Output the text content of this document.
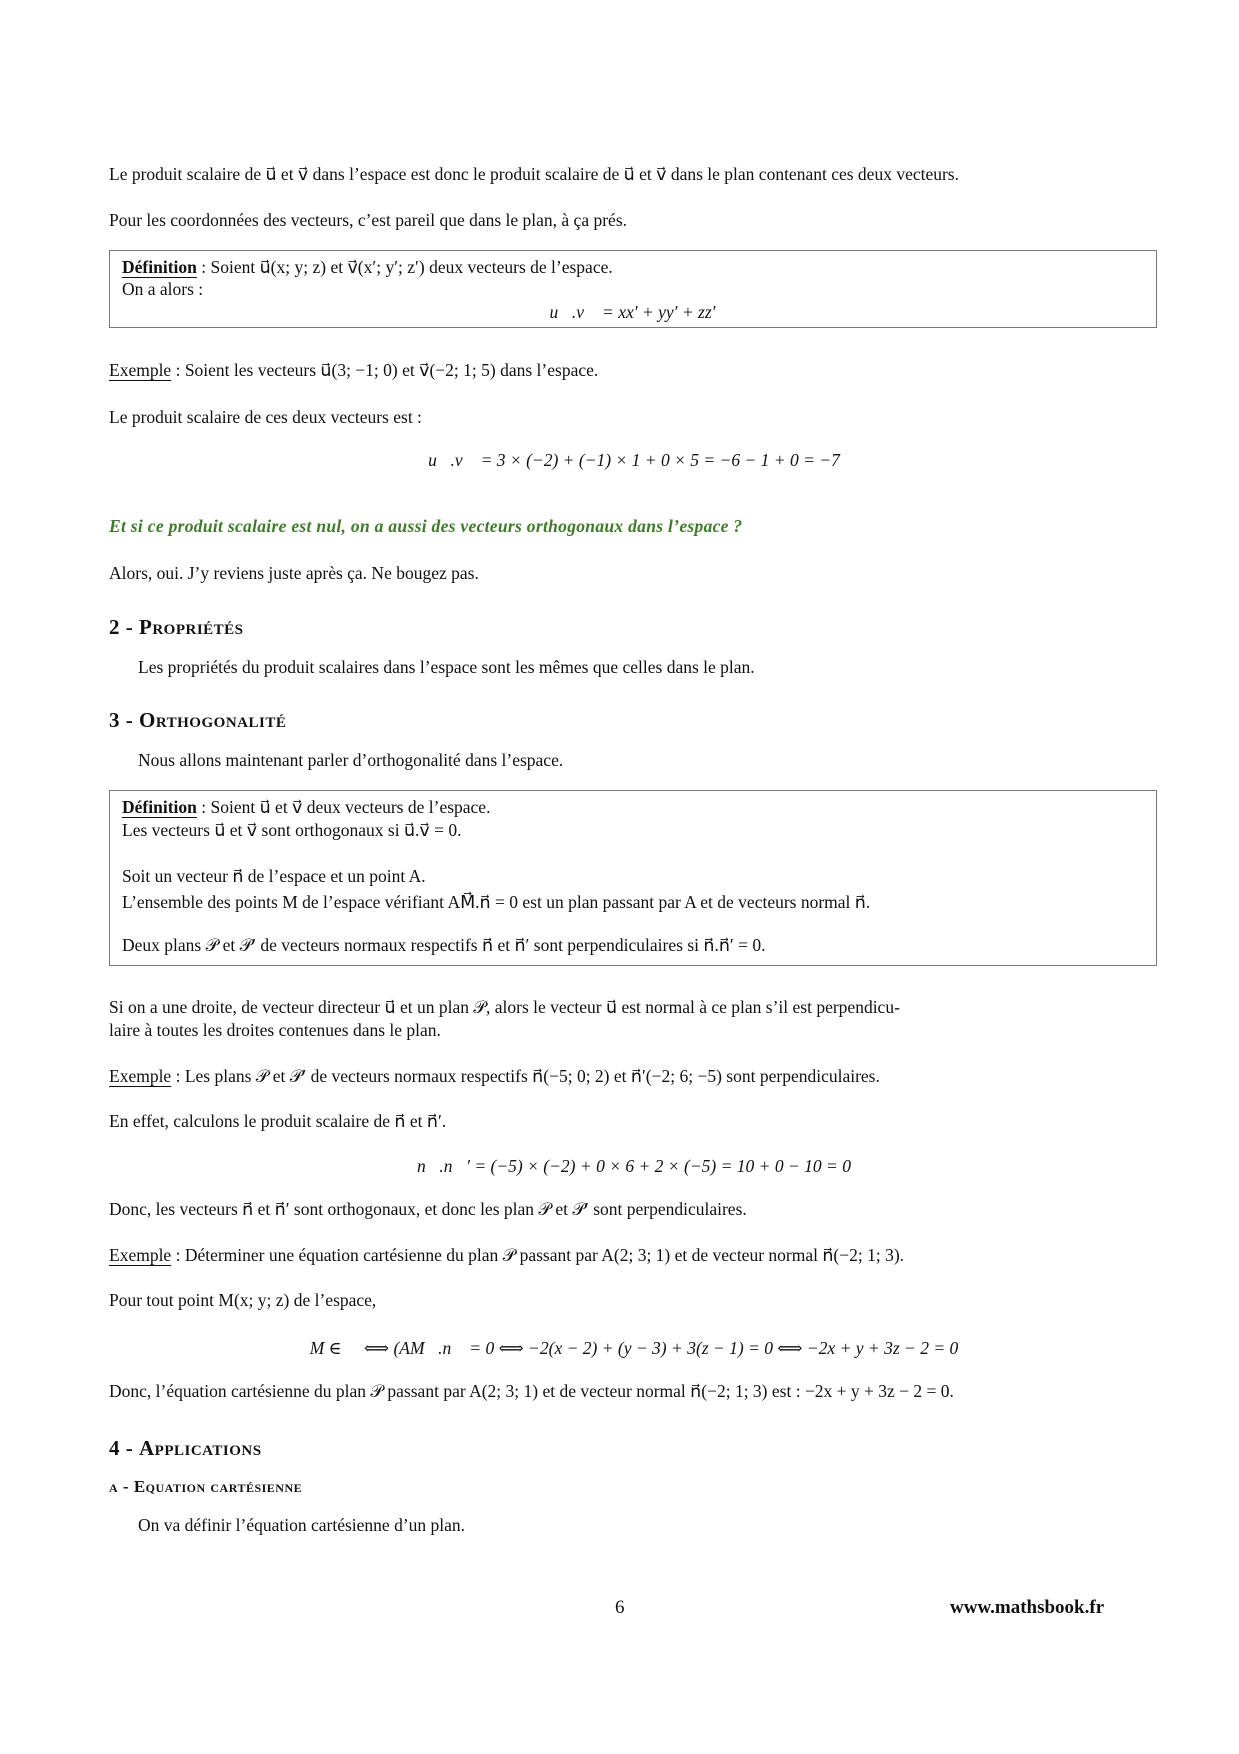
Le produit scalaire de u⃗ et v⃗ dans l’espace est donc le produit scalaire de u⃗ et v⃗ dans le plan contenant ces deux vecteurs.
Pour les coordonnées des vecteurs, c’est pareil que dans le plan, à ça prés.
Définition : Soient u⃗(x; y; z) et v⃗(x′; y′; z′) deux vecteurs de l’espace.
On a alors :
u⃗.v⃗ = xx′ + yy′ + zz′
Exemple : Soient les vecteurs u⃗(3; −1; 0) et v⃗(−2; 1; 5) dans l’espace.
Le produit scalaire de ces deux vecteurs est :
u⃗.v⃗ = 3 × (−2) + (−1) × 1 + 0 × 5 = −6 − 1 + 0 = −7
Et si ce produit scalaire est nul, on a aussi des vecteurs orthogonaux dans l’espace ?
Alors, oui. J’y reviens juste après ça. Ne bougez pas.
2 - Propriétés
Les propriétés du produit scalaires dans l’espace sont les mêmes que celles dans le plan.
3 - Orthogonalité
Nous allons maintenant parler d’orthogonalité dans l’espace.
Définition : Soient u⃗ et v⃗ deux vecteurs de l’espace.
Les vecteurs u⃗ et v⃗ sont orthogonaux si u⃗.v⃗ = 0.
Soit un vecteur n⃗ de l’espace et un point A.
L’ensemble des points M de l’espace vérifiant AM⃗.n⃗ = 0 est un plan passant par A et de vecteurs normal n⃗.
Deux plans 𝒫 et 𝒫′ de vecteurs normaux respectifs n⃗ et n⃗′ sont perpendiculaires si n⃗.n⃗′ = 0.
Si on a une droite, de vecteur directeur u⃗ et un plan 𝒫, alors le vecteur u⃗ est normal à ce plan s’il est perpendicu-
laire à toutes les droites contenues dans le plan.
Exemple : Les plans 𝒫 et 𝒫′ de vecteurs normaux respectifs n⃗(−5; 0; 2) et n⃗′(−2; 6; −5) sont perpendiculaires.
En effet, calculons le produit scalaire de n⃗ et n⃗′.
n⃗.n⃗′ = (−5) × (−2) + 0 × 6 + 2 × (−5) = 10 + 0 − 10 = 0
Donc, les vecteurs n⃗ et n⃗′ sont orthogonaux, et donc les plan 𝒫 et 𝒫′ sont perpendiculaires.
Exemple : Déterminer une équation cartésienne du plan 𝒫 passant par A(2; 3; 1) et de vecteur normal n⃗(−2; 1; 3).
Pour tout point M(x; y; z) de l’espace,
M ∈ 𝒫 ⟺ (AM⃗.n⃗ = 0 ⟺ −2(x − 2) + (y − 3) + 3(z − 1) = 0 ⟺ −2x + y + 3z − 2 = 0
Donc, l’équation cartésienne du plan 𝒫 passant par A(2; 3; 1) et de vecteur normal n⃗(−2; 1; 3) est : −2x + y + 3z − 2 = 0.
4 - Applications
a - Equation cartésienne
On va définir l’équation cartésienne d’un plan.
6	www.mathsbook.fr
